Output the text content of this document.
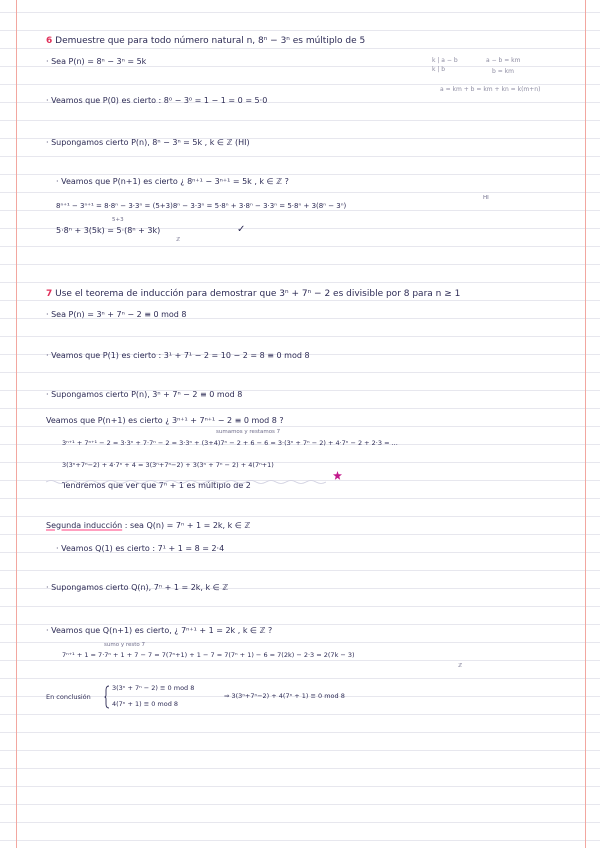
6 Demuestre que para todo número natural n, 8ⁿ − 3ⁿ es múltiplo de 5
· Sea P(n) = 8ⁿ − 3ⁿ = 5k	k | a − b
k | b
a − b = km
b = km
a = km + b = km + kn = k(m+n)
· Veamos que P(0) es cierto : 8⁰ − 3⁰ = 1 − 1 = 0 = 5·0
· Supongamos cierto P(n), 8ⁿ − 3ⁿ = 5k , k ∈ ℤ (HI)
· Veamos que P(n+1) es cierto ¿ 8ⁿ⁺¹ − 3ⁿ⁺¹ = 5k , k ∈ ℤ ?
8ⁿ⁺¹ − 3ⁿ⁺¹ = 8·8ⁿ − 3·3ⁿ = (5+3)8ⁿ − 3·3ⁿ = 5·8ⁿ + 3·8ⁿ − 3·3ⁿ = 5·8ⁿ + 3(8ⁿ − 3ⁿ)
HI
5+3
5·8ⁿ + 3(5k) = 5·(8ⁿ + 3k)
ℤ
✓
7 Use el teorema de inducción para demostrar que 3ⁿ + 7ⁿ − 2 es divisible por 8 para n ≥ 1
· Sea P(n) = 3ⁿ + 7ⁿ − 2 ≡ 0 mod 8
· Veamos que P(1) es cierto : 3¹ + 7¹ − 2 = 10 − 2 = 8 ≡ 0 mod 8
· Supongamos cierto P(n), 3ⁿ + 7ⁿ − 2 ≡ 0 mod 8
Veamos que P(n+1) es cierto ¿ 3ⁿ⁺¹ + 7ⁿ⁺¹ − 2 ≡ 0 mod 8 ?
sumamos y restamos 7
3ⁿ⁺¹ + 7ⁿ⁺¹ − 2 = 3·3ⁿ + 7·7ⁿ − 2 = 3·3ⁿ + (3+4)7ⁿ − 2 + 6 − 6 = 3·(3ⁿ + 7ⁿ − 2) + 4·7ⁿ − 2 + 2·3 = ...
3(3ⁿ+7ⁿ−2) + 4·7ⁿ + 4 = 3(3ⁿ+7ⁿ−2) + 3(3ⁿ + 7ⁿ − 2) + 4(7ⁿ+1)
Tendremos que ver que 7ⁿ + 1 es múltiplo de 2
Segunda inducción : sea Q(n) = 7ⁿ + 1 = 2k, k ∈ ℤ
· Veamos Q(1) es cierto : 7¹ + 1 = 8 = 2·4
· Supongamos cierto Q(n), 7ⁿ + 1 = 2k, k ∈ ℤ
· Veamos que Q(n+1) es cierto, ¿ 7ⁿ⁺¹ + 1 = 2k , k ∈ ℤ ?
sumo y resto 7
7ⁿ⁺¹ + 1 = 7·7ⁿ + 1 + 7 − 7 = 7(7ⁿ+1) + 1 − 7 = 7(7ⁿ + 1) − 6 = 7(2k) − 2·3 = 2(7k − 3)
ℤ
En conclusión
3(3ⁿ + 7ⁿ − 2) ≡ 0 mod 8
4(7ⁿ + 1) ≡ 0 mod 8
⇒ 3(3ⁿ+7ⁿ−2) + 4(7ⁿ + 1) ≡ 0 mod 8
